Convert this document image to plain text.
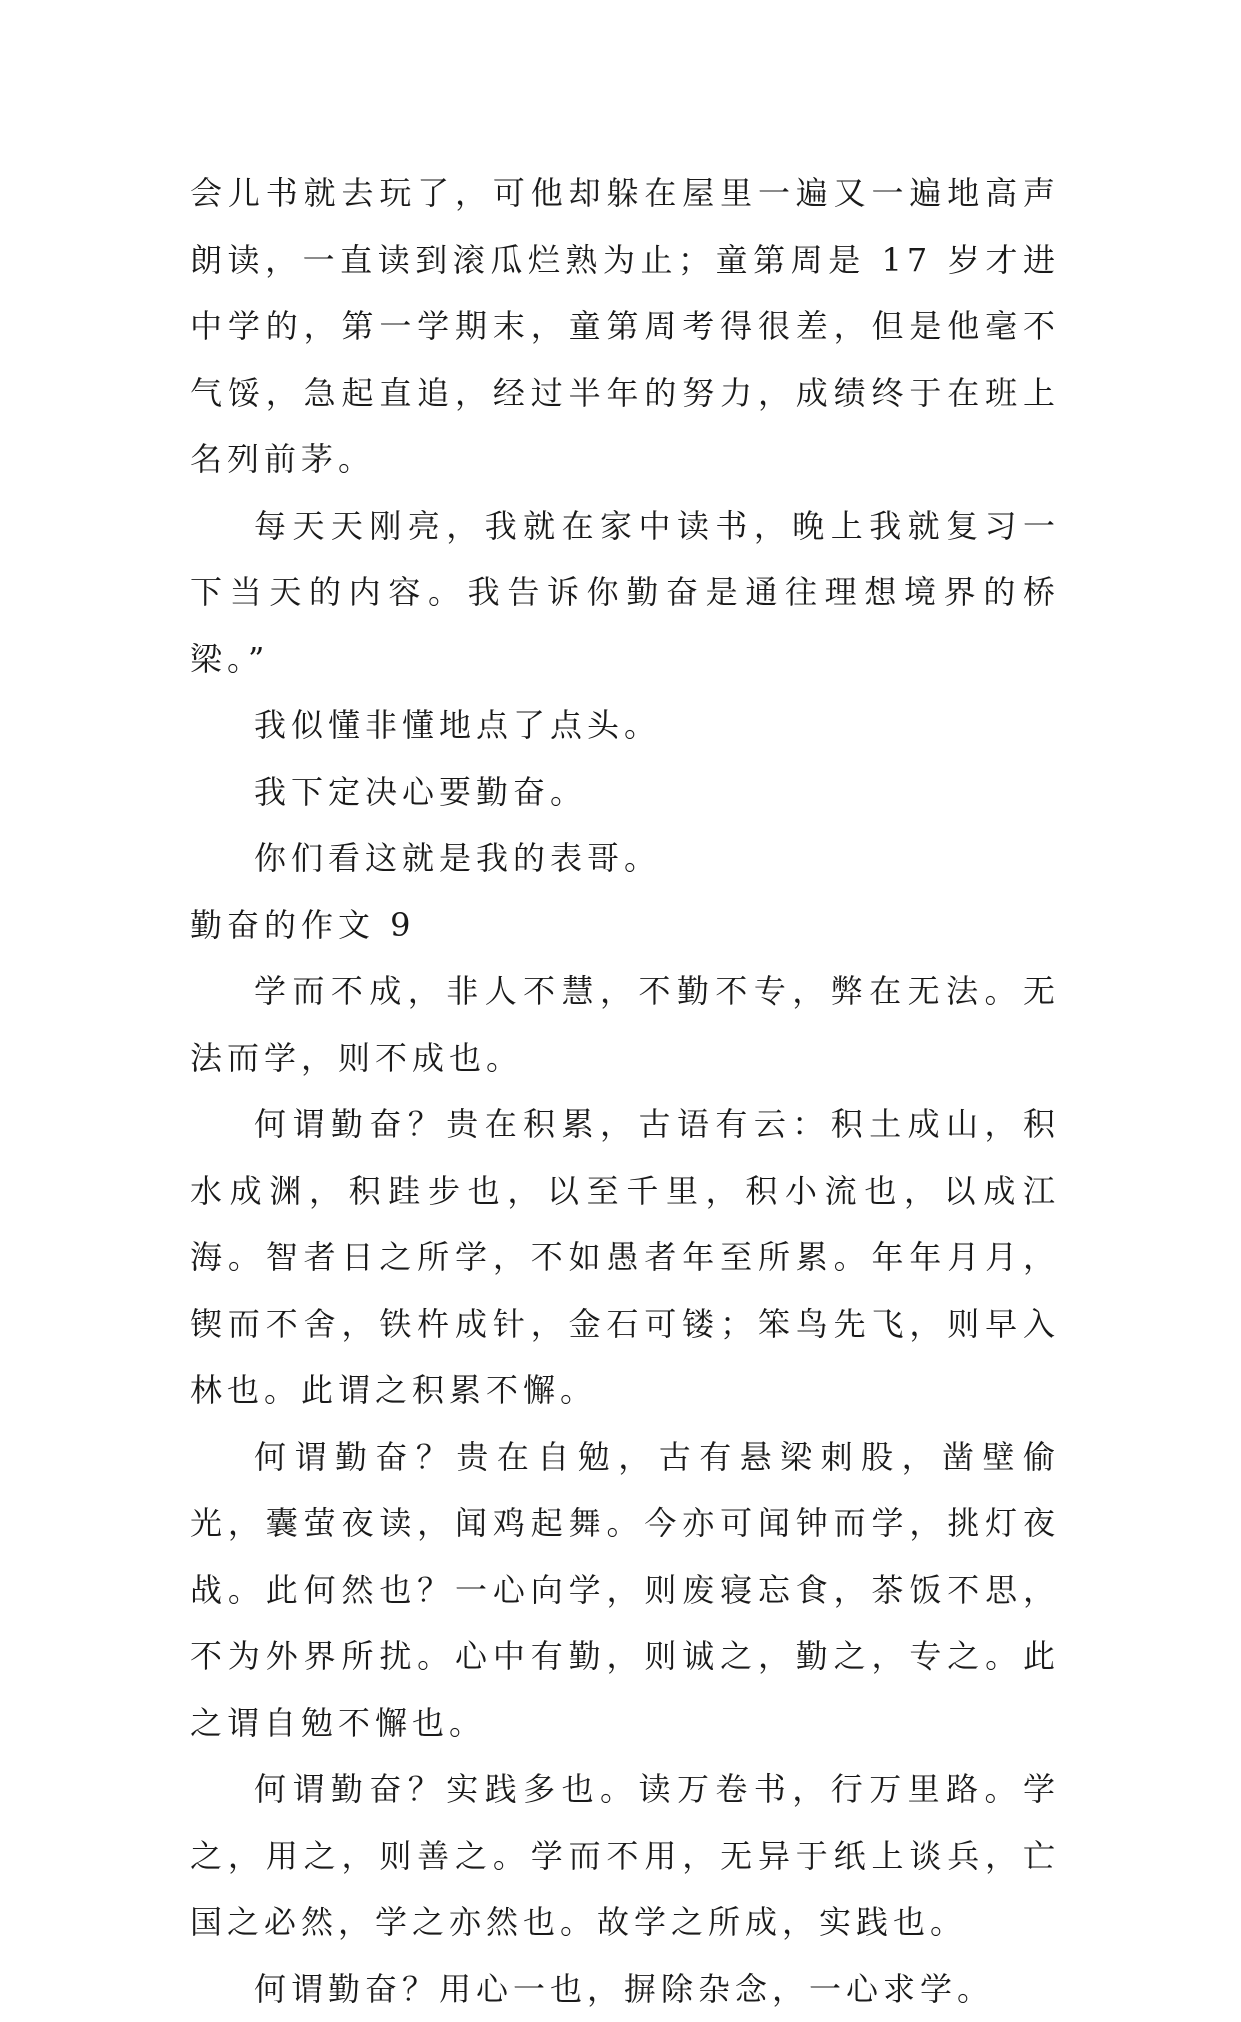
会儿书就去玩了，可他却躲在屋里一遍又一遍地高声朗读，一直读到滚瓜烂熟为止；童第周是 17 岁才进中学的，第一学期末，童第周考得很差，但是他毫不气馁，急起直追，经过半年的努力，成绩终于在班上名列前茅。

每天天刚亮，我就在家中读书，晚上我就复习一下当天的内容。我告诉你勤奋是通往理想境界的桥梁。”

我似懂非懂地点了点头。

我下定决心要勤奋。

你们看这就是我的表哥。

勤奋的作文 9

学而不成，非人不慧，不勤不专，弊在无法。无法而学，则不成也。

何谓勤奋？贵在积累，古语有云：积土成山，积水成渊，积跬步也，以至千里，积小流也，以成江海。智者日之所学，不如愚者年至所累。年年月月，锲而不舍，铁杵成针，金石可镂；笨鸟先飞，则早入林也。此谓之积累不懈。

何谓勤奋？贵在自勉，古有悬梁刺股，凿壁偷光，囊萤夜读，闻鸡起舞。今亦可闻钟而学，挑灯夜战。此何然也？一心向学，则废寝忘食，茶饭不思，不为外界所扰。心中有勤，则诚之，勤之，专之。此之谓自勉不懈也。

何谓勤奋？实践多也。读万卷书，行万里路。学之，用之，则善之。学而不用，无异于纸上谈兵，亡国之必然，学之亦然也。故学之所成，实践也。

何谓勤奋？用心一也，摒除杂念，一心求学。
